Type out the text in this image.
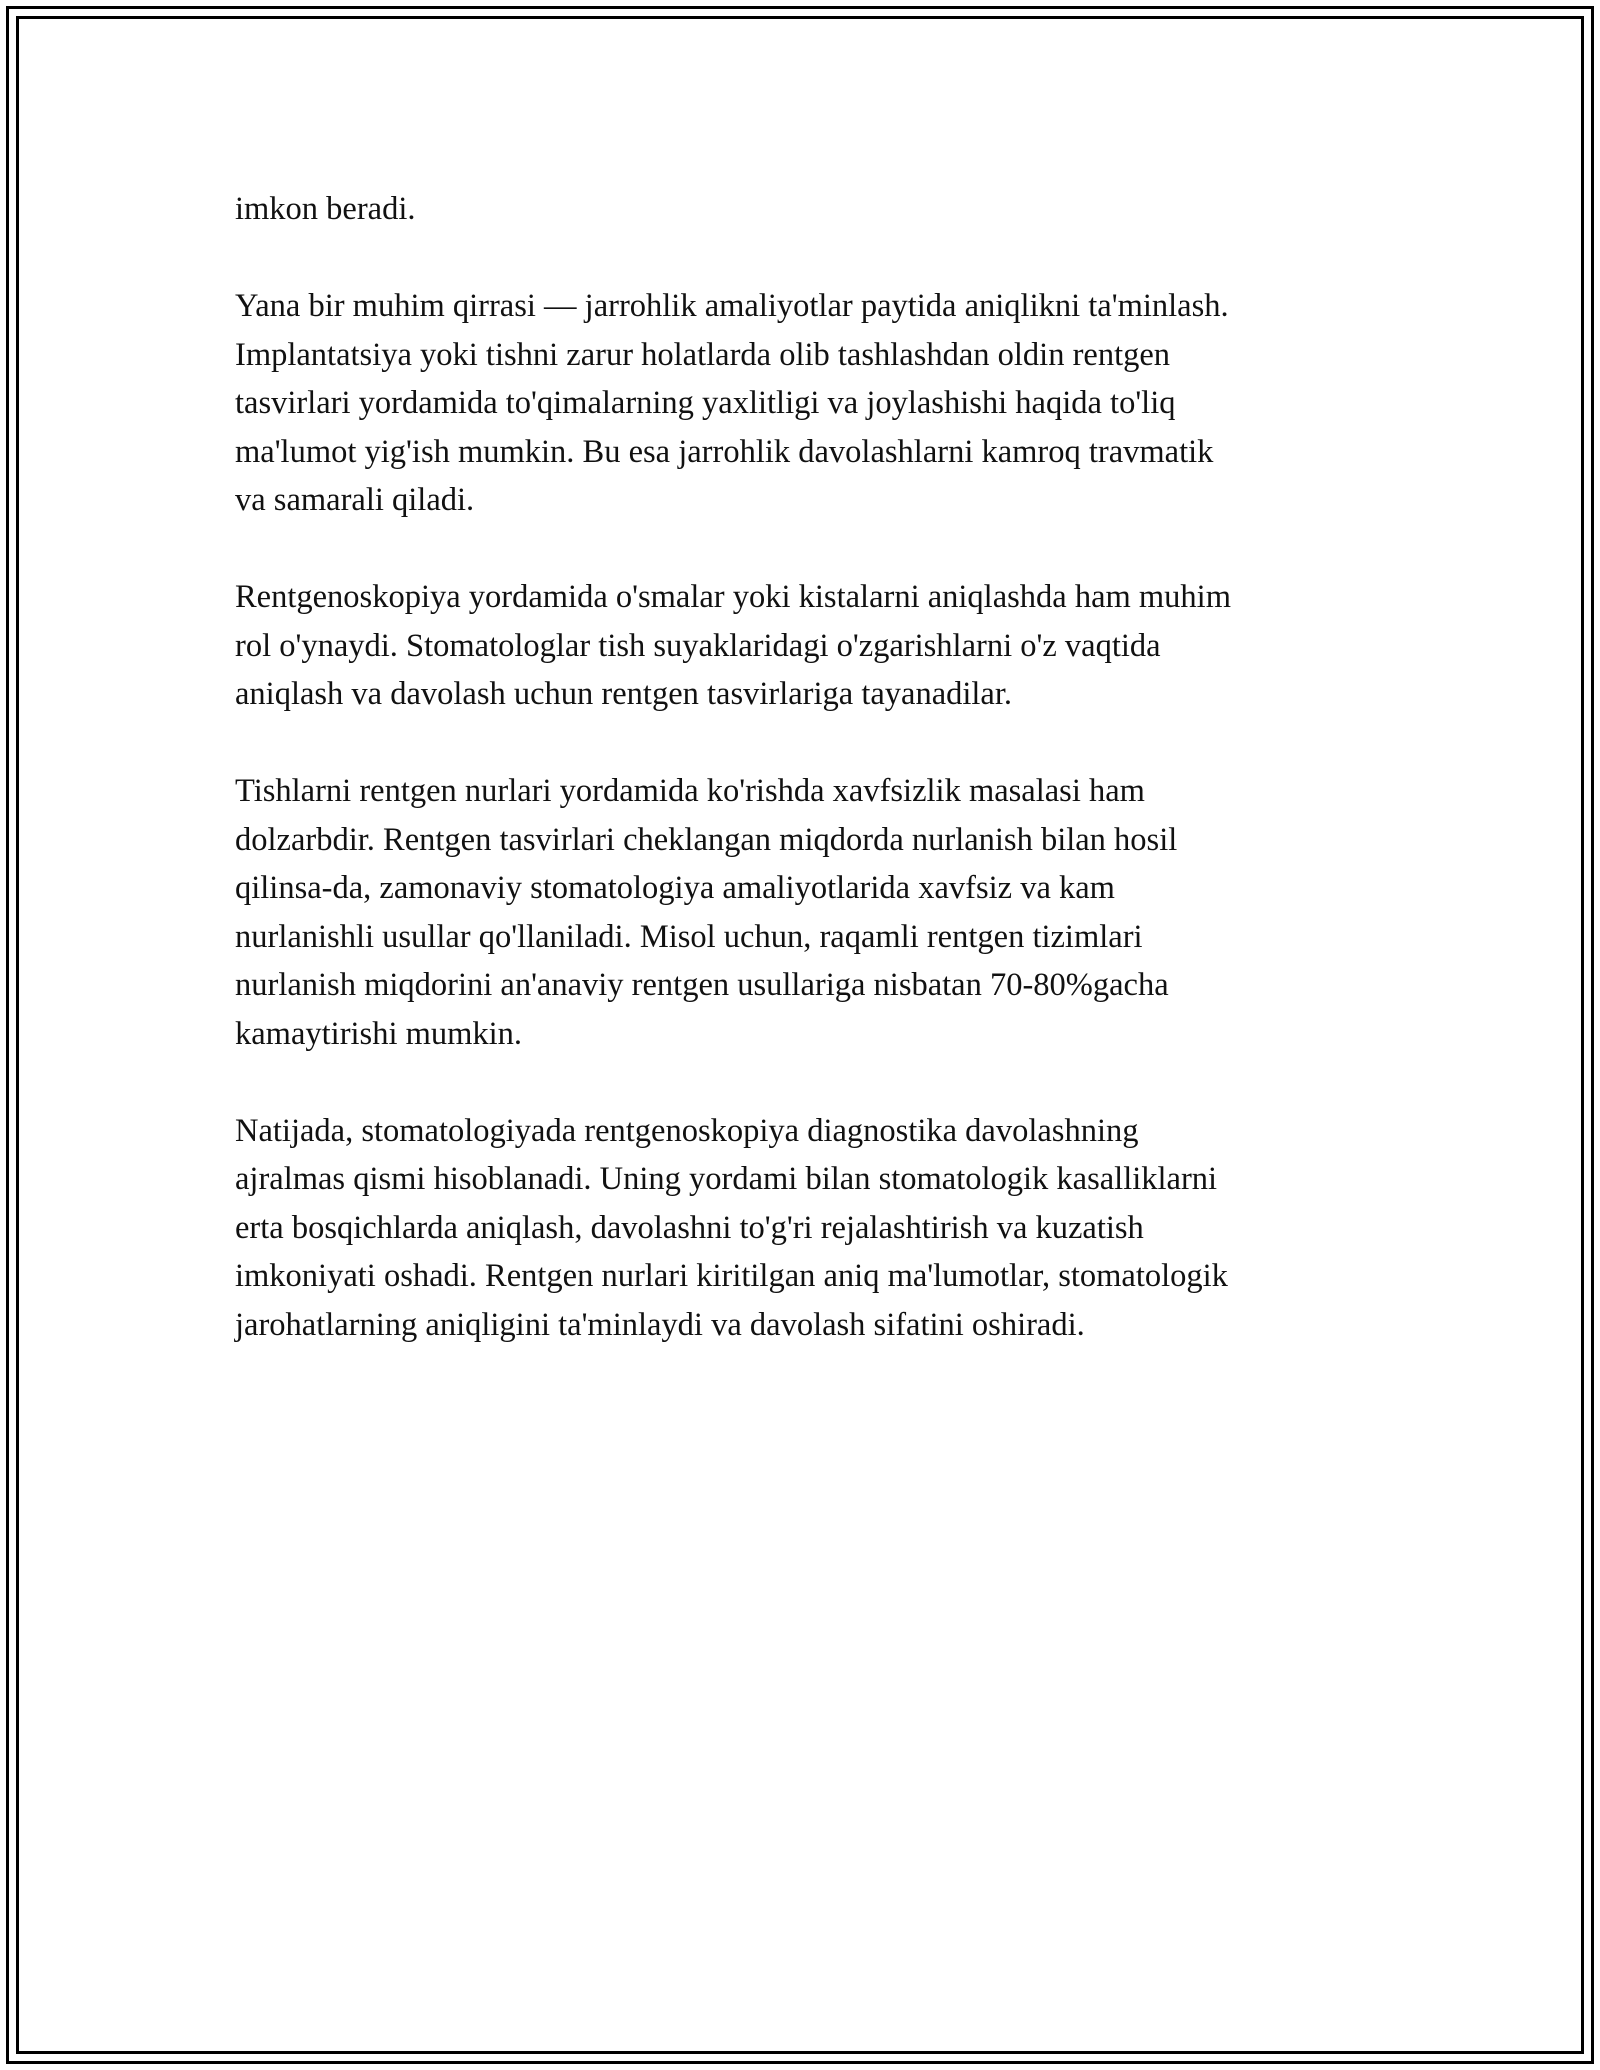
imkon beradi.

Yana bir muhim qirrasi — jarrohlik amaliyotlar paytida aniqlikni ta'minlash.
Implantatsiya yoki tishni zarur holatlarda olib tashlashdan oldin rentgen
tasvirlari yordamida to'qimalarning yaxlitligi va joylashishi haqida to'liq
ma'lumot yig'ish mumkin. Bu esa jarrohlik davolashlarni kamroq travmatik
va samarali qiladi.

Rentgenoskopiya yordamida o'smalar yoki kistalarni aniqlashda ham muhim
rol o'ynaydi. Stomatologlar tish suyaklaridagi o'zgarishlarni o'z vaqtida
aniqlash va davolash uchun rentgen tasvirlariga tayanadilar.

Tishlarni rentgen nurlari yordamida ko'rishda xavfsizlik masalasi ham
dolzarbdir. Rentgen tasvirlari cheklangan miqdorda nurlanish bilan hosil
qilinsa-da, zamonaviy stomatologiya amaliyotlarida xavfsiz va kam
nurlanishli usullar qo'llaniladi. Misol uchun, raqamli rentgen tizimlari
nurlanish miqdorini an'anaviy rentgen usullariga nisbatan 70-80%gacha
kamaytirishi mumkin.

Natijada, stomatologiyada rentgenoskopiya diagnostika davolashning
ajralmas qismi hisoblanadi. Uning yordami bilan stomatologik kasalliklarni
erta bosqichlarda aniqlash, davolashni to'g'ri rejalashtirish va kuzatish
imkoniyati oshadi. Rentgen nurlari kiritilgan aniq ma'lumotlar, stomatologik
jarohatlarning aniqligini ta'minlaydi va davolash sifatini oshiradi.
